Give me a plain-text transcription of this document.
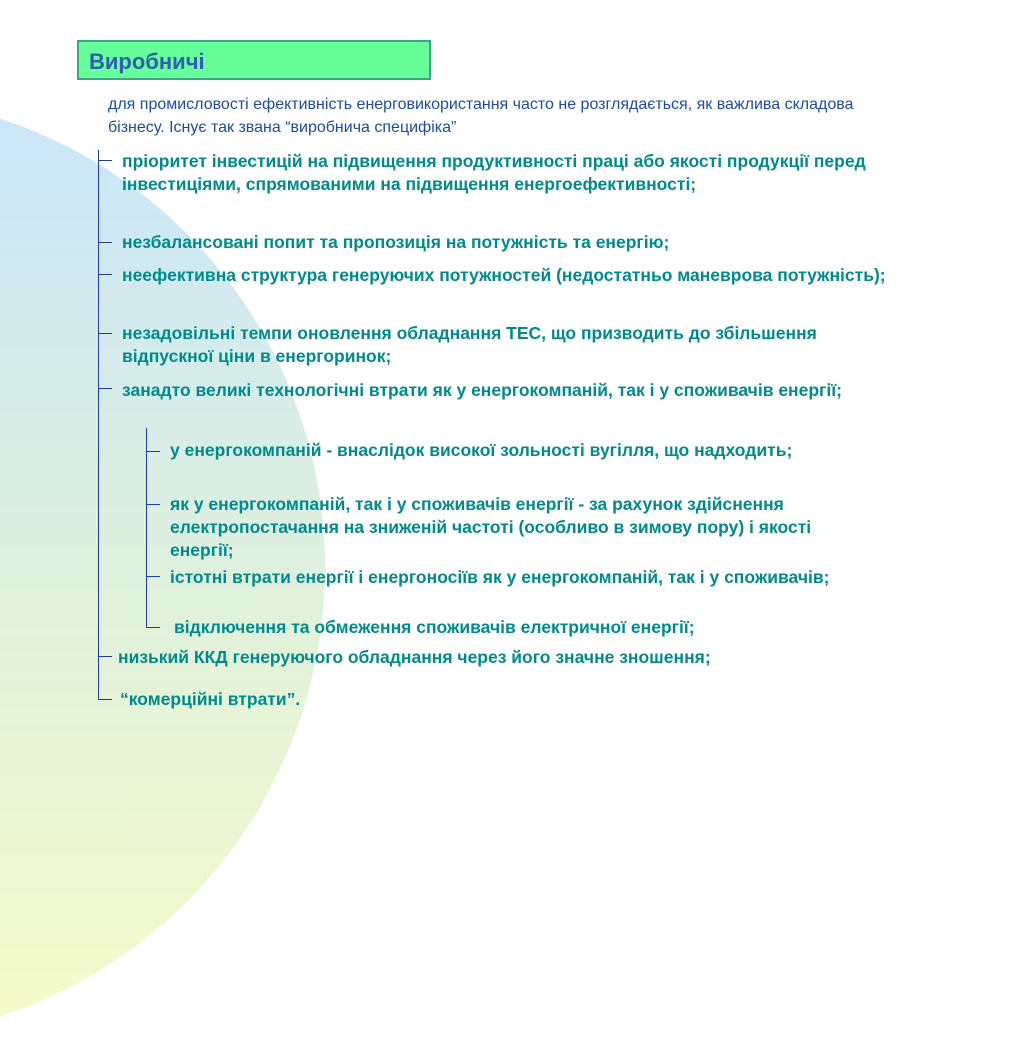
Виробничі
для промисловості ефективність енерговикористання часто не розглядається, як важлива складова бізнесу. Існує так звана “виробнича специфіка”
пріоритет інвестицій на підвищення продуктивності праці або якості продукції перед інвестиціями, спрямованими на підвищення енергоефективності;
незбалансовані попит та пропозиція на потужність та енергію;
неефективна структура генеруючих потужностей (недостатньо маневрова потужність);
незадовільні темпи оновлення обладнання ТЕС, що призводить до збільшення відпускної ціни в енергоринок;
занадто великі технологічні втрати як у енергокомпаній, так і у споживачів енергії;
у енергокомпаній - внаслідок високої зольності вугілля, що надходить;
як у енергокомпаній, так і у споживачів енергії - за рахунок здійснення електропостачання на зниженій частоті (особливо в зимову пору) і якості енергії;
істотні втрати енергії і енергоносіїв як у енергокомпаній, так і у споживачів;
відключення та обмеження споживачів електричної енергії;
низький ККД генеруючого обладнання через його значне зношення;
“комерційні втрати”.
